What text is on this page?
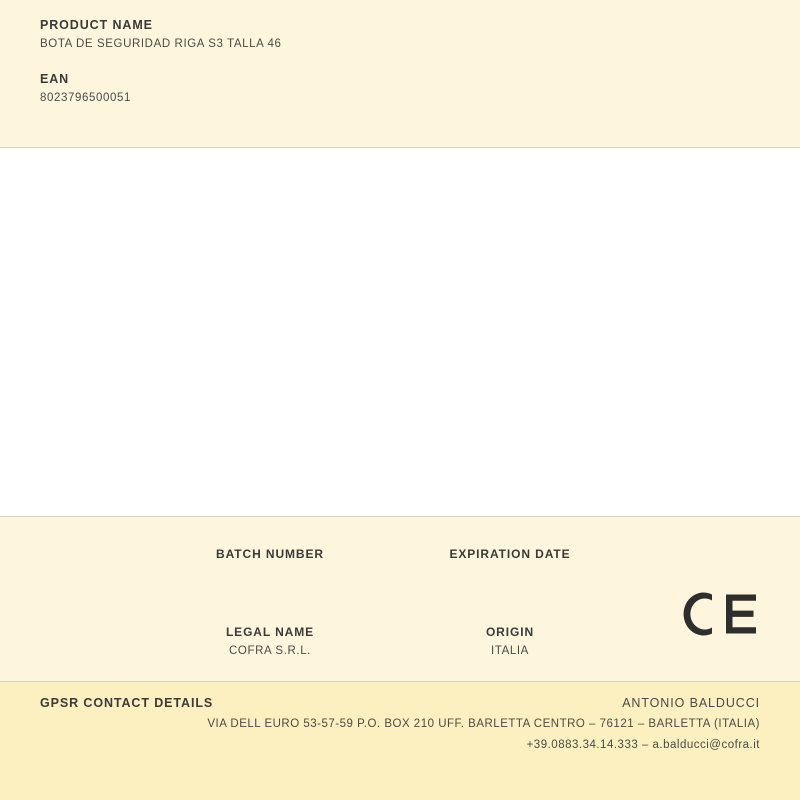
PRODUCT NAME

BOTA DE SEGURIDAD RIGA S3 TALLA 46

EAN

8023796500051

BATCH NUMBER	EXPIRATION DATE

LEGAL NAME

COFRA S.R.L.

ORIGIN

ITALIA

GPSR CONTACT DETAILS	ANTONIO BALDUCCI
VIA DELL EURO 53-57-59 P.O. BOX 210 UFF. BARLETTA CENTRO – 76121 – BARLETTA (ITALIA)
+39.0883.34.14.333 – a.balducci@cofra.it
